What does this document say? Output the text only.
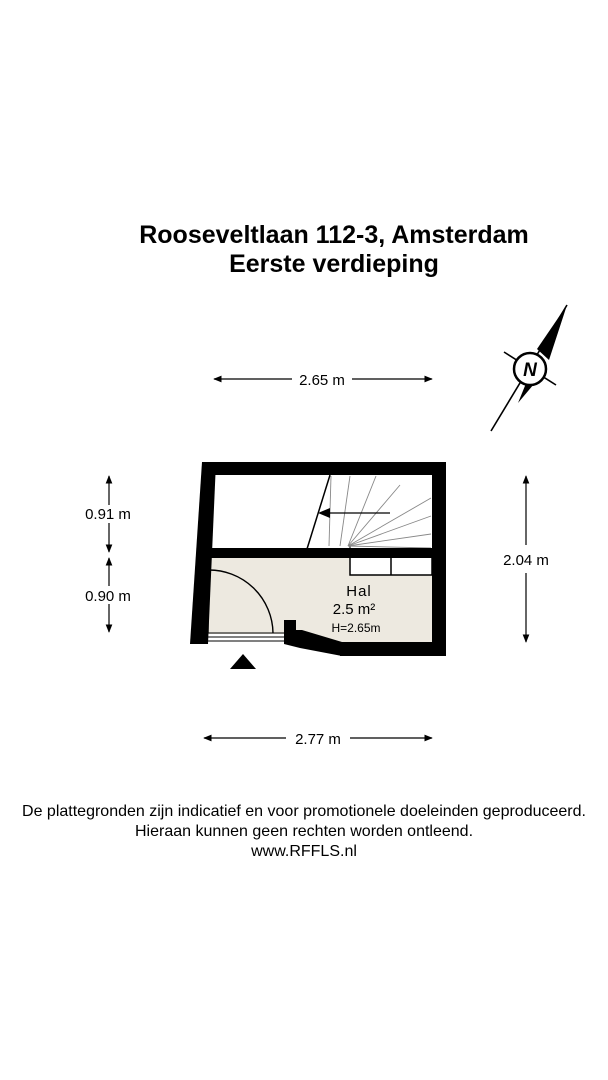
Rooseveltlaan 112-3, Amsterdam
Eerste verdieping
N
2.65 m
0.91 m
0.90 m
2.04 m
2.77 m
Hal
2.5 m²
H=2.65m

De plattegronden zijn indicatief en voor promotionele doeleinden geproduceerd.

Hieraan kunnen geen rechten worden ontleend.

www.RFFLS.nl
